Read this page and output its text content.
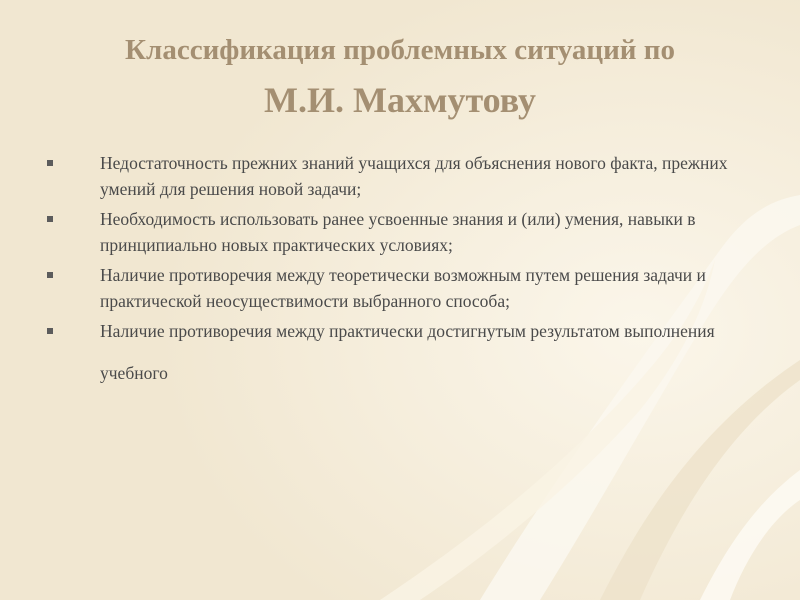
Классификация проблемных ситуаций по
М.И. Махмутову
Недостаточность прежних знаний учащихся для объяснения нового факта, прежних умений для решения новой задачи;
Необходимость использовать ранее усвоенные знания и (или) умения, навыки в принципиально новых практических условиях;
Наличие противоречия между теоретически возможным путем решения задачи и практической неосуществимости выбранного способа;
Наличие противоречия между практически достигнутым результатом выполнения учебного
